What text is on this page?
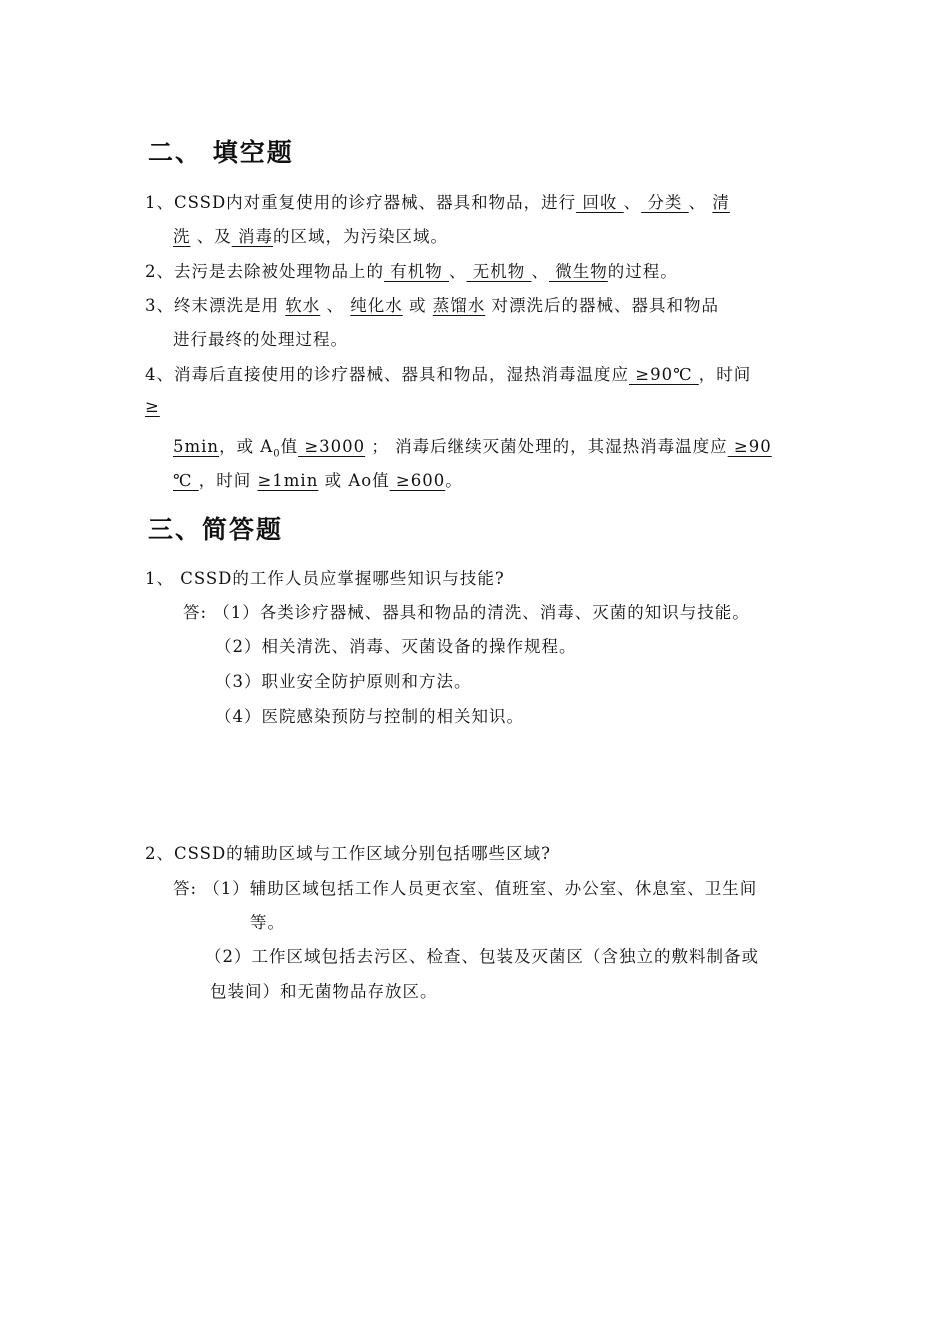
二、 填空题
1、CSSD内对重复使用的诊疗器械、器具和物品，进行 回收 、 分类 、 清
洗 、及 消毒的区域，为污染区域。
2、去污是去除被处理物品上的 有机物 、 无机物 、 微生物的过程。
3、终末漂洗是用 软水 、 纯化水 或 蒸馏水 对漂洗后的器械、器具和物品
进行最终的处理过程。
4、消毒后直接使用的诊疗器械、器具和物品，湿热消毒温度应 ≥90℃ ，时间
≥
5min，或 $A_0$值 ≥3000 ； 消毒后继续灭菌处理的，其湿热消毒温度应 ≥90
℃ ，时间 ≥1min 或 Ao值 ≥600。
三、简答题
1、 CSSD的工作人员应掌握哪些知识与技能?
答: （1）各类诊疗器械、器具和物品的清洗、消毒、灭菌的知识与技能。
（2）相关清洗、消毒、灭菌设备的操作规程。
（3）职业安全防护原则和方法。
（4）医院感染预防与控制的相关知识。
2、CSSD的辅助区域与工作区域分别包括哪些区域?
答: （1）辅助区域包括工作人员更衣室、值班室、办公室、休息室、卫生间
等。
（2）工作区域包括去污区、检查、包装及灭菌区（含独立的敷料制备或
包装间）和无菌物品存放区。
